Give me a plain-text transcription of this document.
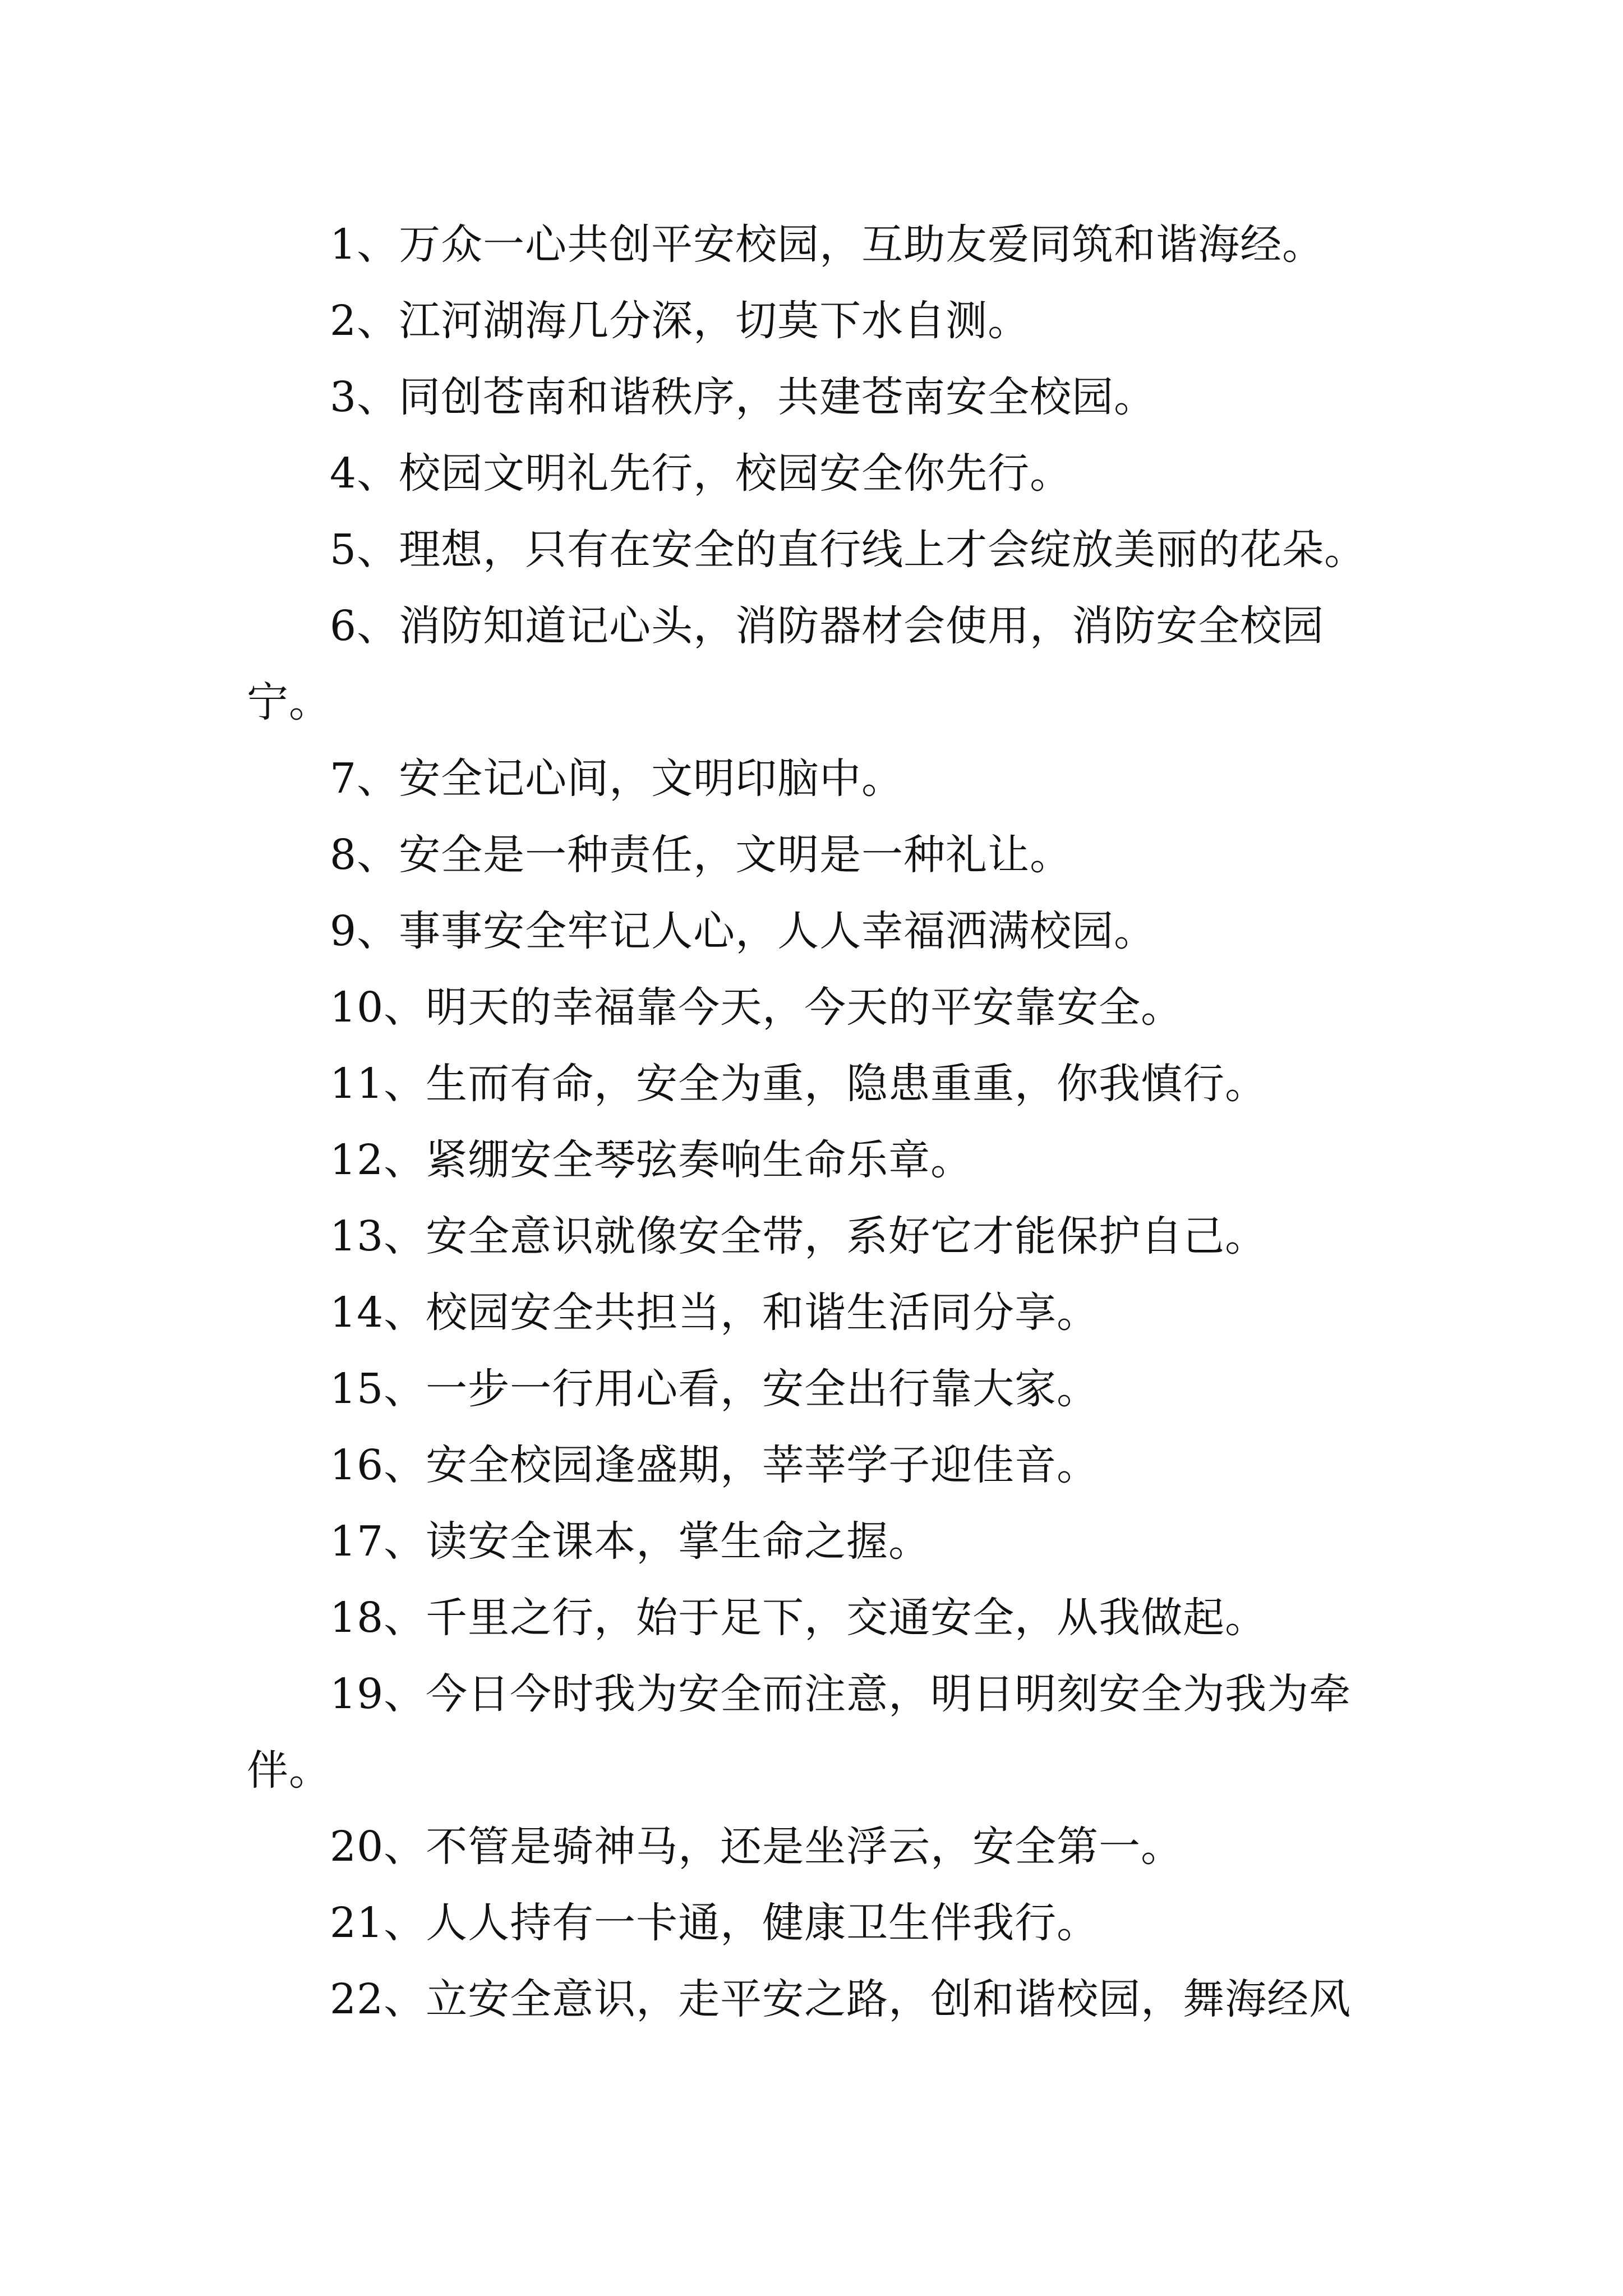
1、万众一心共创平安校园，互助友爱同筑和谐海经。

2、江河湖海几分深，切莫下水自测。

3、同创苍南和谐秩序，共建苍南安全校园。

4、校园文明礼先行，校园安全你先行。

5、理想，只有在安全的直行线上才会绽放美丽的花朵。

6、消防知道记心头，消防器材会使用，消防安全校园宁。

7、安全记心间，文明印脑中。

8、安全是一种责任，文明是一种礼让。

9、事事安全牢记人心，人人幸福洒满校园。

10、明天的幸福靠今天，今天的平安靠安全。

11、生而有命，安全为重，隐患重重，你我慎行。

12、紧绷安全琴弦奏响生命乐章。

13、安全意识就像安全带，系好它才能保护自己。

14、校园安全共担当，和谐生活同分享。

15、一步一行用心看，安全出行靠大家。

16、安全校园逢盛期，莘莘学子迎佳音。

17、读安全课本，掌生命之握。

18、千里之行，始于足下，交通安全，从我做起。

19、今日今时我为安全而注意，明日明刻安全为我为牵伴。

20、不管是骑神马，还是坐浮云，安全第一。

21、人人持有一卡通，健康卫生伴我行。

22、立安全意识，走平安之路，创和谐校园，舞海经风
